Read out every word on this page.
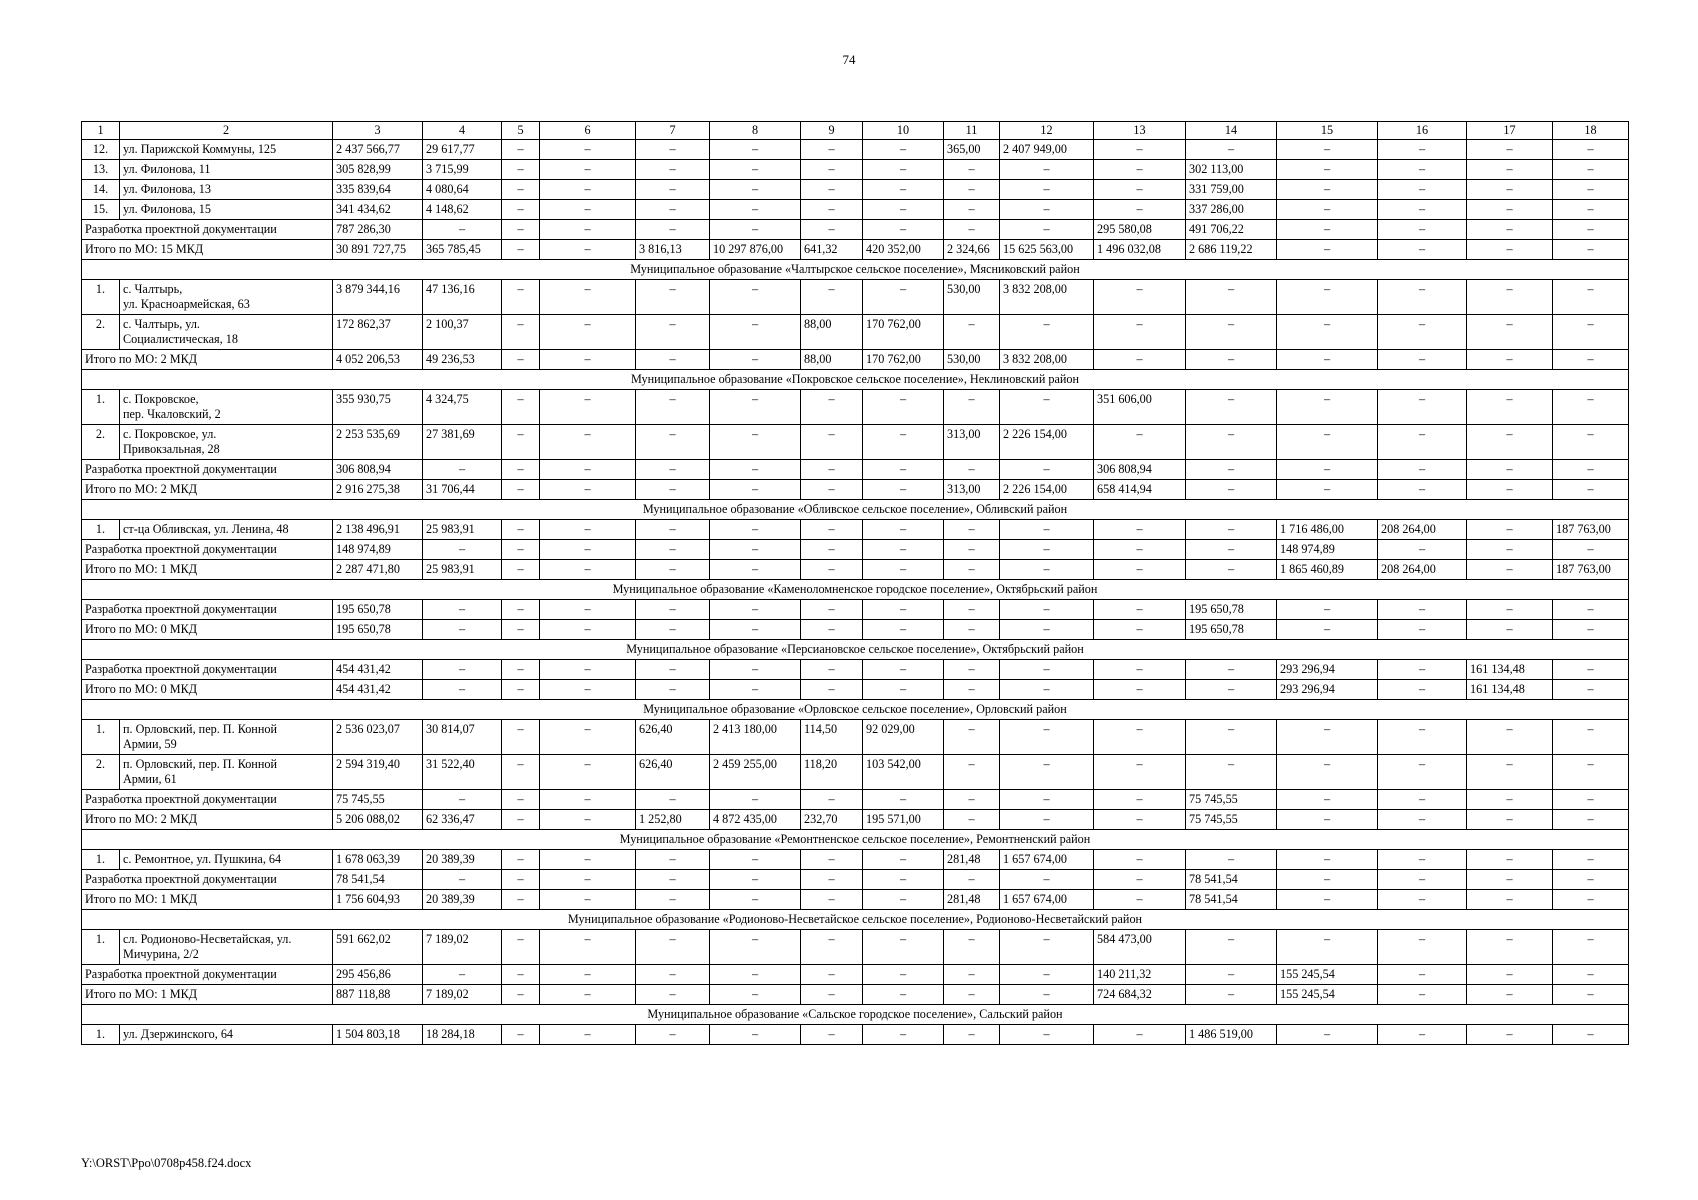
74
1	2	3	4	5	6	7	8	9	10	11	12	13	14	15	16	17	18
12.	ул. Парижской Коммуны, 125	2 437 566,77	29 617,77	–	–	–	–	–	–	365,00	2 407 949,00	–	–	–	–	–	–
13.	ул. Филонова, 11	305 828,99	3 715,99	–	–	–	–	–	–	–	–	–	302 113,00	–	–	–	–
14.	ул. Филонова, 13	335 839,64	4 080,64	–	–	–	–	–	–	–	–	–	331 759,00	–	–	–	–
15.	ул. Филонова, 15	341 434,62	4 148,62	–	–	–	–	–	–	–	–	–	337 286,00	–	–	–	–
Разработка проектной документации		787 286,30	–	–	–	–	–	–	–	–	–	295 580,08	491 706,22	–	–	–	–
Итого по МО: 15 МКД		30 891 727,75	365 785,45	–	–	3 816,13	10 297 876,00	641,32	420 352,00	2 324,66	15 625 563,00	1 496 032,08	2 686 119,22	–	–	–	–
Муниципальное образование «Чалтырское сельское поселение», Мясниковский район																	
1.	с. Чалтырь,
ул. Красноармейская, 63	3 879 344,16	47 136,16	–	–	–	–	–	–	530,00	3 832 208,00	–	–	–	–	–	–
2.	с. Чалтырь, ул.
Социалистическая, 18	172 862,37	2 100,37	–	–	–	–	88,00	170 762,00	–	–	–	–	–	–	–	–
Итого по МО: 2 МКД		4 052 206,53	49 236,53	–	–	–	–	88,00	170 762,00	530,00	3 832 208,00	–	–	–	–	–	–
Муниципальное образование «Покровское сельское поселение», Неклиновский район																	
1.	с. Покровское,
пер. Чкаловский, 2	355 930,75	4 324,75	–	–	–	–	–	–	–	–	351 606,00	–	–	–	–	–
2.	с. Покровское, ул.
Привокзальная, 28	2 253 535,69	27 381,69	–	–	–	–	–	–	313,00	2 226 154,00	–	–	–	–	–	–
Разработка проектной документации		306 808,94	–	–	–	–	–	–	–	–	–	306 808,94	–	–	–	–	–
Итого по МО: 2 МКД		2 916 275,38	31 706,44	–	–	–	–	–	–	313,00	2 226 154,00	658 414,94	–	–	–	–	–
Муниципальное образование «Обливское сельское поселение», Обливский район																	
1.	ст-ца Обливская, ул. Ленина, 48	2 138 496,91	25 983,91	–	–	–	–	–	–	–	–	–	–	1 716 486,00	208 264,00	–	187 763,00
Разработка проектной документации		148 974,89	–	–	–	–	–	–	–	–	–	–	–	148 974,89	–	–	–
Итого по МО: 1 МКД		2 287 471,80	25 983,91	–	–	–	–	–	–	–	–	–	–	1 865 460,89	208 264,00	–	187 763,00
Муниципальное образование «Каменоломненское городское поселение», Октябрьский район																	
Разработка проектной документации		195 650,78	–	–	–	–	–	–	–	–	–	–	195 650,78	–	–	–	–
Итого по МО: 0 МКД		195 650,78	–	–	–	–	–	–	–	–	–	–	195 650,78	–	–	–	–
Муниципальное образование «Персиановское сельское поселение», Октябрьский район																	
Разработка проектной документации		454 431,42	–	–	–	–	–	–	–	–	–	–	–	293 296,94	–	161 134,48	–
Итого по МО: 0 МКД		454 431,42	–	–	–	–	–	–	–	–	–	–	–	293 296,94	–	161 134,48	–
Муниципальное образование «Орловское сельское поселение», Орловский район																	
1.	п. Орловский, пер. П. Конной
Армии, 59	2 536 023,07	30 814,07	–	–	626,40	2 413 180,00	114,50	92 029,00	–	–	–	–	–	–	–	–
2.	п. Орловский, пер. П. Конной
Армии, 61	2 594 319,40	31 522,40	–	–	626,40	2 459 255,00	118,20	103 542,00	–	–	–	–	–	–	–	–
Разработка проектной документации		75 745,55	–	–	–	–	–	–	–	–	–	–	75 745,55	–	–	–	–
Итого по МО: 2 МКД		5 206 088,02	62 336,47	–	–	1 252,80	4 872 435,00	232,70	195 571,00	–	–	–	75 745,55	–	–	–	–
Муниципальное образование «Ремонтненское сельское поселение», Ремонтненский район																	
1.	с. Ремонтное, ул. Пушкина, 64	1 678 063,39	20 389,39	–	–	–	–	–	–	281,48	1 657 674,00	–	–	–	–	–	–
Разработка проектной документации		78 541,54	–	–	–	–	–	–	–	–	–	–	78 541,54	–	–	–	–
Итого по МО: 1 МКД		1 756 604,93	20 389,39	–	–	–	–	–	–	281,48	1 657 674,00	–	78 541,54	–	–	–	–
Муниципальное образование «Родионово-Несветайское сельское поселение», Родионово-Несветайский район																	
1.	сл. Родионово-Несветайская, ул.
Мичурина, 2/2	591 662,02	7 189,02	–	–	–	–	–	–	–	–	584 473,00	–	–	–	–	–
Разработка проектной документации		295 456,86	–	–	–	–	–	–	–	–	–	140 211,32	–	155 245,54	–	–	–
Итого по МО: 1 МКД		887 118,88	7 189,02	–	–	–	–	–	–	–	–	724 684,32	–	155 245,54	–	–	–
Муниципальное образование «Сальское городское поселение», Сальский район																	
1.	ул. Дзержинского, 64	1 504 803,18	18 284,18	–	–	–	–	–	–	–	–	–	1 486 519,00	–	–	–	–
Y:\ORST\Ppo\0708p458.f24.docx
